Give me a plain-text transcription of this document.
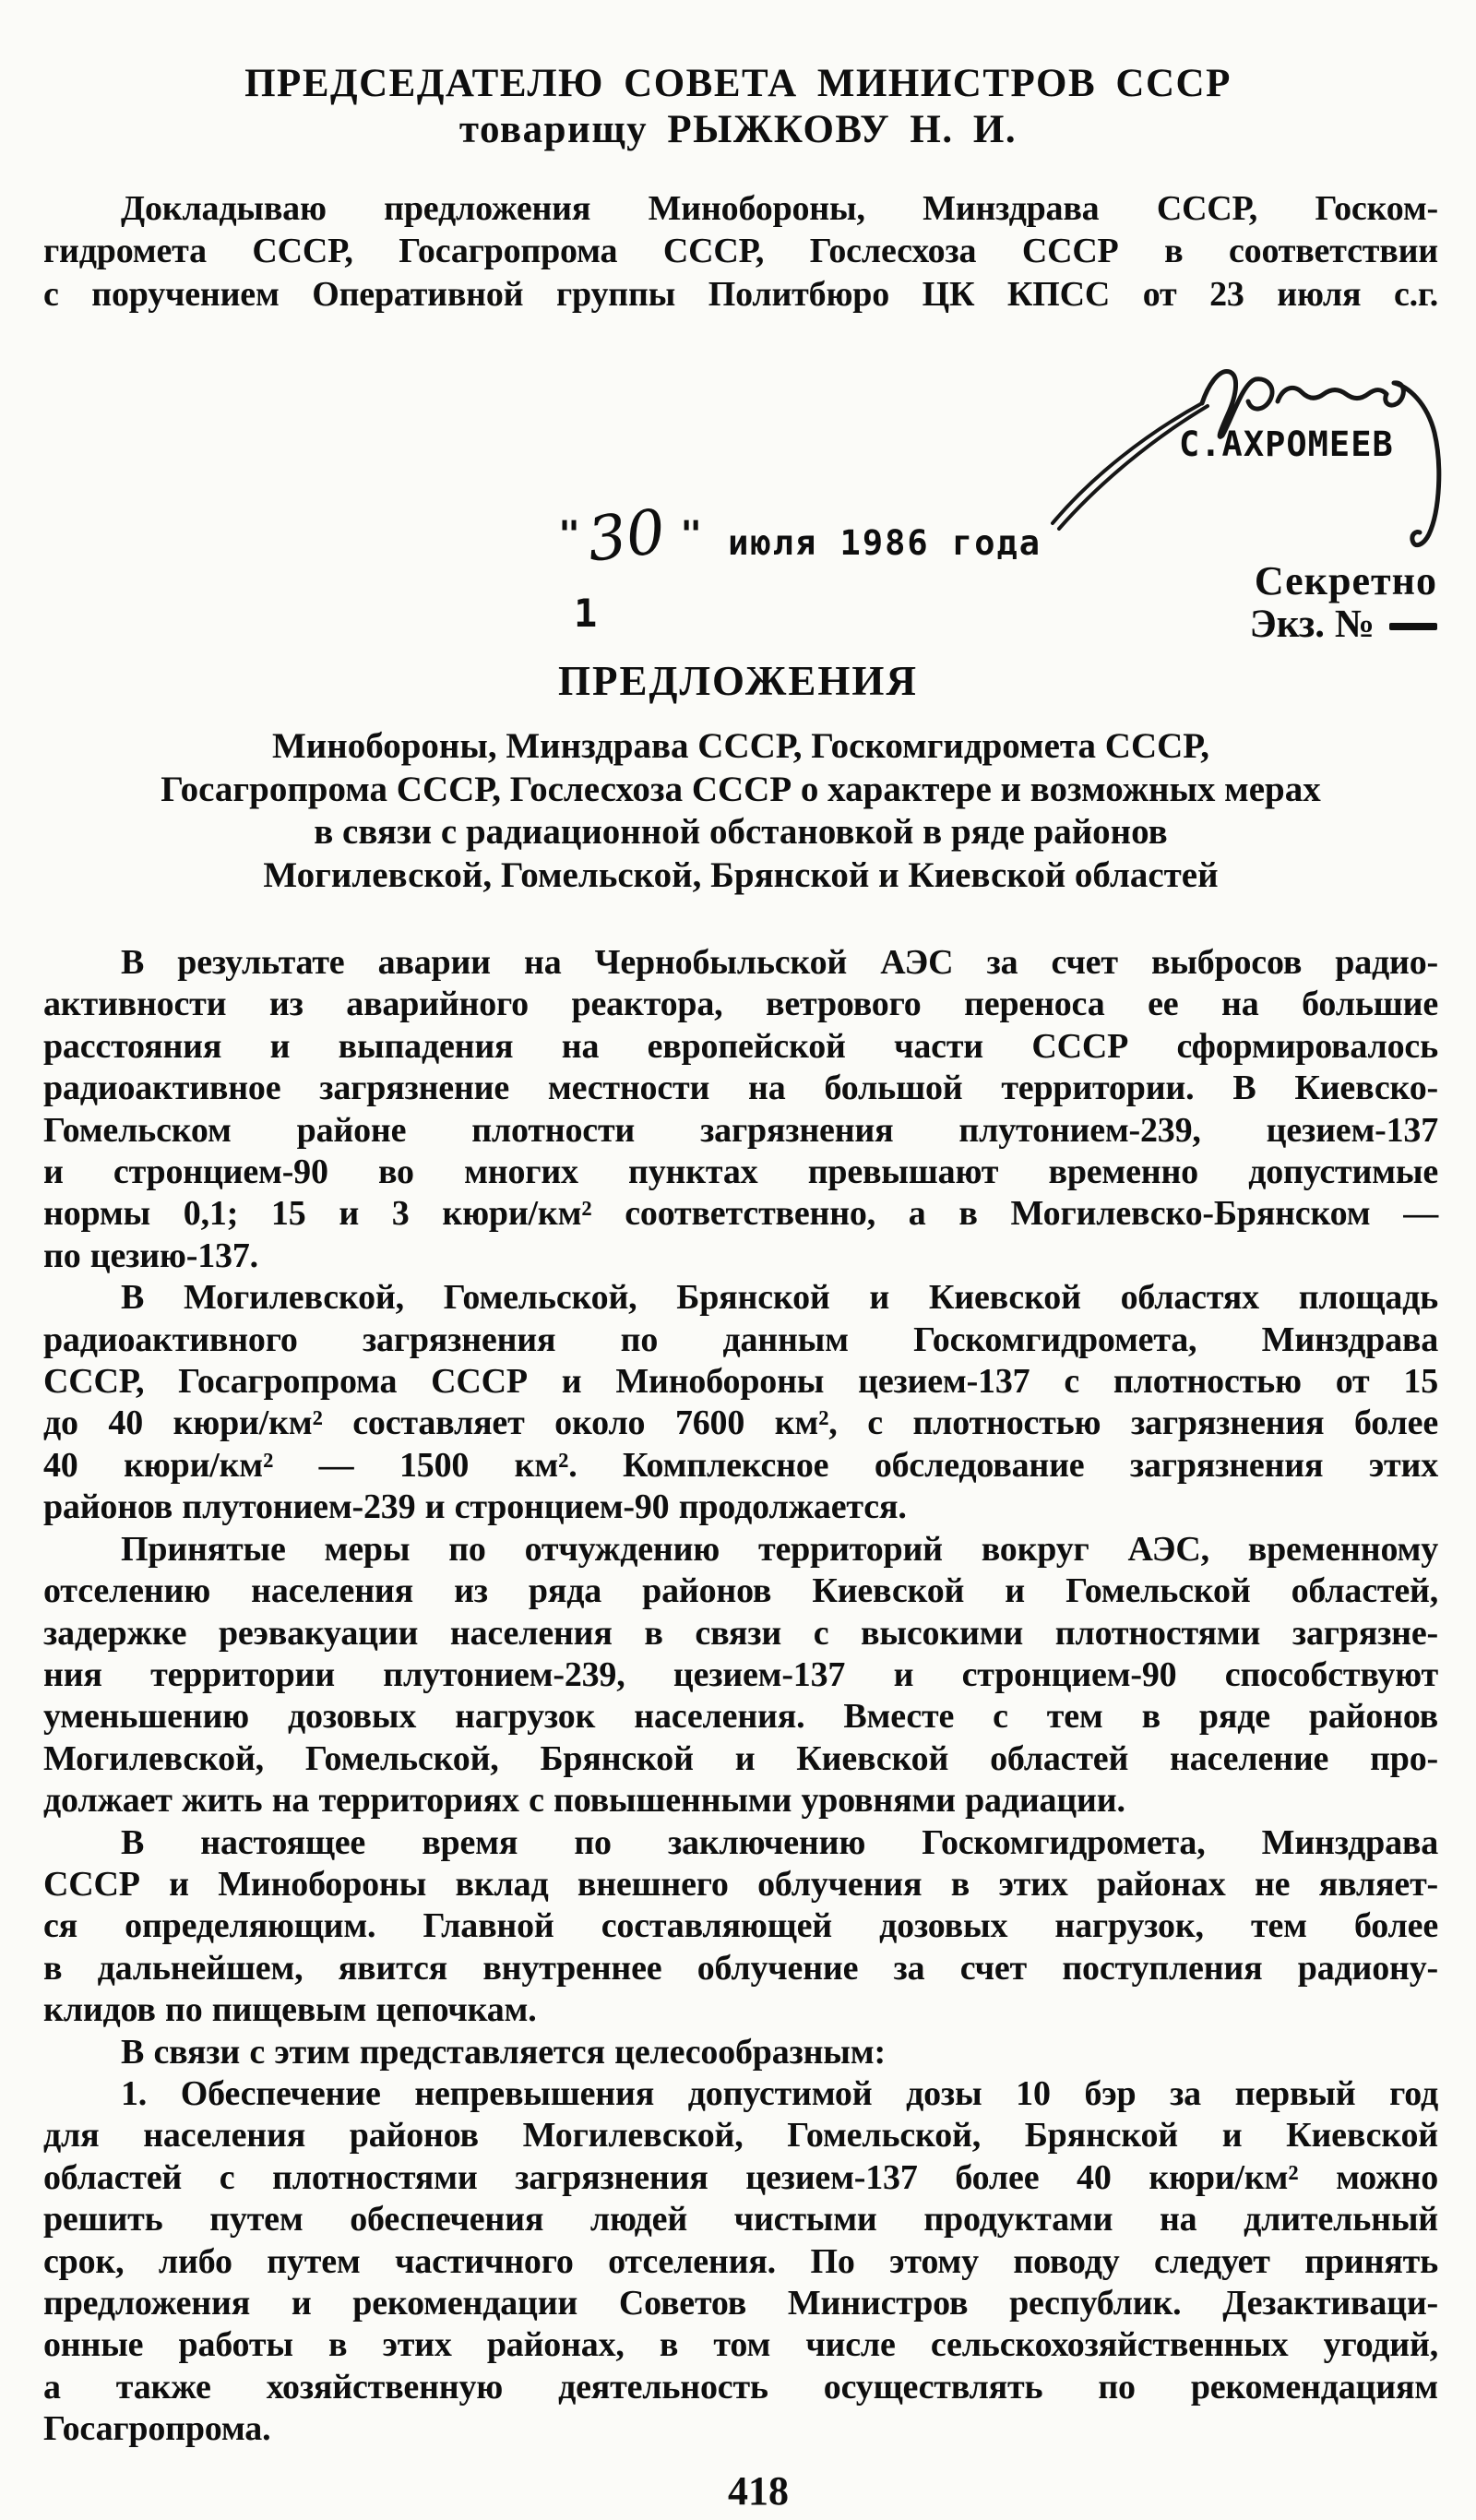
ПРЕДСЕДАТЕЛЮ СОВЕТА МИНИСТРОВ СССР
товарищу РЫЖКОВУ Н. И.
Докладываю предложения Минобороны, Минздрава СССР, Госком-
гидромета СССР, Госагропрома СССР, Гослесхоза СССР в соответствии
с поручением Оперативной группы Политбюро ЦК КПСС от 23 июля с.г.
С.АХРОМЕЕВ
" 30 " июля 1986 года
1
Секретно
Экз. №
ПРЕДЛОЖЕНИЯ
Минобороны, Минздрава СССР, Госкомгидромета СССР,
Госагропрома СССР, Гослесхоза СССР о характере и возможных мерах
в связи с радиационной обстановкой в ряде районов
Могилевской, Гомельской, Брянской и Киевской областей
В результате аварии на Чернобыльской АЭС за счет выбросов радио-
активности из аварийного реактора, ветрового переноса ее на большие
расстояния и выпадения на европейской части СССР сформировалось
радиоактивное загрязнение местности на большой территории. В Киевско-
Гомельском районе плотности загрязнения плутонием-239, цезием-137
и стронцием-90 во многих пунктах превышают временно допустимые
нормы 0,1; 15 и 3 кюри/км² соответственно, а в Могилевско-Брянском —
по цезию-137.
В Могилевской, Гомельской, Брянской и Киевской областях площадь
радиоактивного загрязнения по данным Госкомгидромета, Минздрава
СССР, Госагропрома СССР и Минобороны цезием-137 с плотностью от 15
до 40 кюри/км² составляет около 7600 км², с плотностью загрязнения более
40 кюри/км² — 1500 км². Комплексное обследование загрязнения этих
районов плутонием-239 и стронцием-90 продолжается.
Принятые меры по отчуждению территорий вокруг АЭС, временному
отселению населения из ряда районов Киевской и Гомельской областей,
задержке реэвакуации населения в связи с высокими плотностями загрязне-
ния территории плутонием-239, цезием-137 и стронцием-90 способствуют
уменьшению дозовых нагрузок населения. Вместе с тем в ряде районов
Могилевской, Гомельской, Брянской и Киевской областей население про-
должает жить на территориях с повышенными уровнями радиации.
В настоящее время по заключению Госкомгидромета, Минздрава
СССР и Минобороны вклад внешнего облучения в этих районах не являет-
ся определяющим. Главной составляющей дозовых нагрузок, тем более
в дальнейшем, явится внутреннее облучение за счет поступления радиону-
клидов по пищевым цепочкам.
В связи с этим представляется целесообразным:
1. Обеспечение непревышения допустимой дозы 10 бэр за первый год
для населения районов Могилевской, Гомельской, Брянской и Киевской
областей с плотностями загрязнения цезием-137 более 40 кюри/км² можно
решить путем обеспечения людей чистыми продуктами на длительный
срок, либо путем частичного отселения. По этому поводу следует принять
предложения и рекомендации Советов Министров республик. Дезактиваци-
онные работы в этих районах, в том числе сельскохозяйственных угодий,
а также хозяйственную деятельность осуществлять по рекомендациям
Госагропрома.
418
